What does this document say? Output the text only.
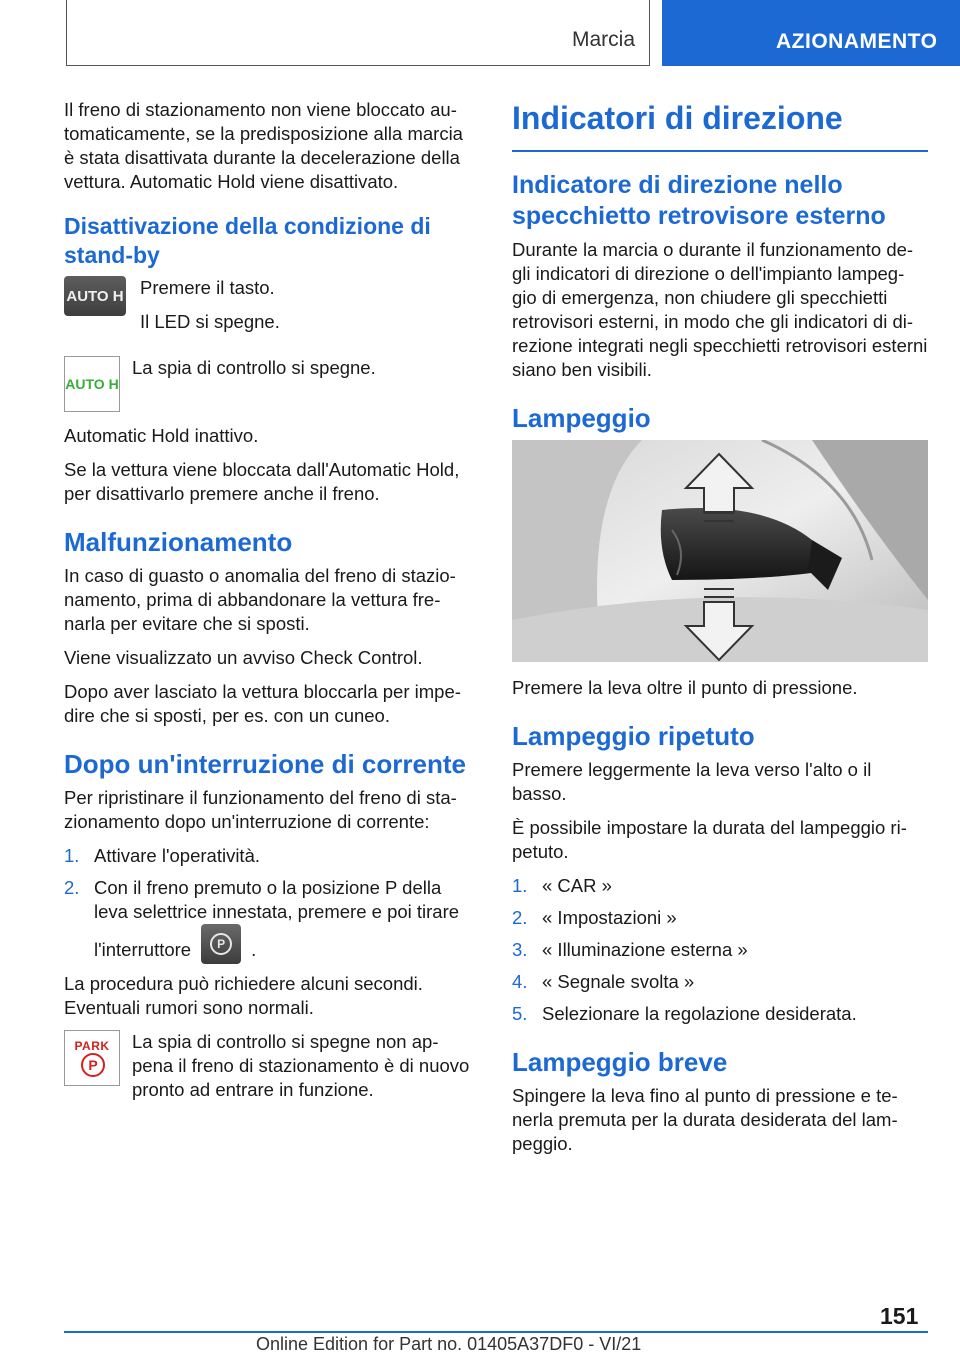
Marcia	AZIONAMENTO

Il freno di stazionamento non viene bloccato au-tomaticamente, se la predisposizione alla marcia è stata disattivata durante la decelerazione della vettura. Automatic Hold viene disattivato.

Disattivazione della condizione di stand-by
AUTO H Premere il tasto.

Il LED si spegne.

AUTO H

La spia di controllo si spegne.

Automatic Hold inattivo.

Se la vettura viene bloccata dall'Automatic Hold, per disattivarlo premere anche il freno.

Malfunzionamento

In caso di guasto o anomalia del freno di stazio-namento, prima di abbandonare la vettura fre-narla per evitare che si sposti.

Viene visualizzato un avviso Check Control.

Dopo aver lasciato la vettura bloccarla per impe-dire che si sposti, per es. con un cuneo.

Dopo un'interruzione di corrente

Per ripristinare il funzionamento del freno di sta-zionamento dopo un'interruzione di corrente:

1. Attivare l'operatività.
2. Con il freno premuto o la posizione P della leva selettrice innestata, premere e poi tirare l'interruttore	P	.

La procedura può richiedere alcuni secondi. Eventuali rumori sono normali.

PARK
P

La spia di controllo si spegne non ap-pena il freno di stazionamento è di nuovo pronto ad entrare in funzione.

Indicatori di direzione
Indicatore di direzione nello specchietto retrovisore esterno

Durante la marcia o durante il funzionamento de-gli indicatori di direzione o dell'impianto lampeg-gio di emergenza, non chiudere gli specchietti retrovisori esterni, in modo che gli indicatori di di-rezione integrati negli specchietti retrovisori esterni siano ben visibili.

Lampeggio

Premere la leva oltre il punto di pressione.

Lampeggio ripetuto

Premere leggermente la leva verso l'alto o il basso.

È possibile impostare la durata del lampeggio ri-petuto.

1. « CAR »
2. « Impostazioni »
3. « Illuminazione esterna »
4. « Segnale svolta »
5. Selezionare la regolazione desiderata.
Lampeggio breve

Spingere la leva fino al punto di pressione e te-nerla premuta per la durata desiderata del lam-peggio.

151
Online Edition for Part no. 01405A37DF0 - VI/21
